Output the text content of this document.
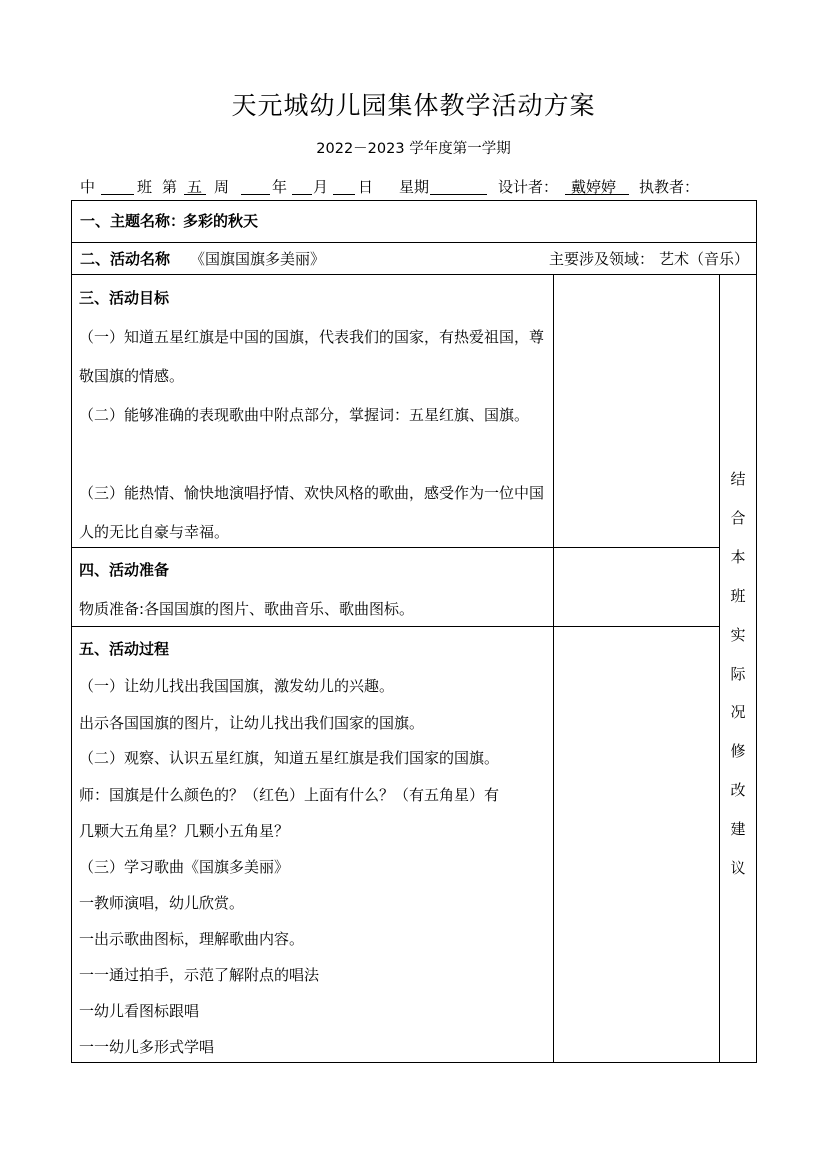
天元城幼儿园集体教学活动方案
2022－2023 学年度第一学期
中	班 第 五 周	年 月 日 星期	设计者： 戴婷婷 执教者：
一、主题名称：
多彩的秋天
二、活动名称 《国旗国旗多美丽》	主要涉及领域： 艺术（音乐）
三、活动目标
（一）知道五星红旗是中国的国旗，代表我们的国家，有热爱祖国，尊敬国旗的情感。
（二）能够准确的表现歌曲中附点部分，掌握词：五星红旗、国旗。
（三）能热情、愉快地演唱抒情、欢快风格的歌曲，感受作为一位中国人的无比自豪与幸福。
四、活动准备
物质准备:各国国旗的图片、歌曲音乐、歌曲图标。
五、活动过程
（一）让幼儿找出我国国旗，激发幼儿的兴趣。
出示各国国旗的图片，让幼儿找出我们国家的国旗。
（二）观察、认识五星红旗，知道五星红旗是我们国家的国旗。
师：国旗是什么颜色的？（红色）上面有什么？（有五角星）有
几颗大五角星？几颗小五角星？
（三）学习歌曲《国旗多美丽》
一教师演唱，幼儿欣赏。
一出示歌曲图标，理解歌曲内容。
一一通过拍手，示范了解附点的唱法
一幼儿看图标跟唱
一一幼儿多形式学唱
结
合
本
班
实
际
况
修
改
建
议
